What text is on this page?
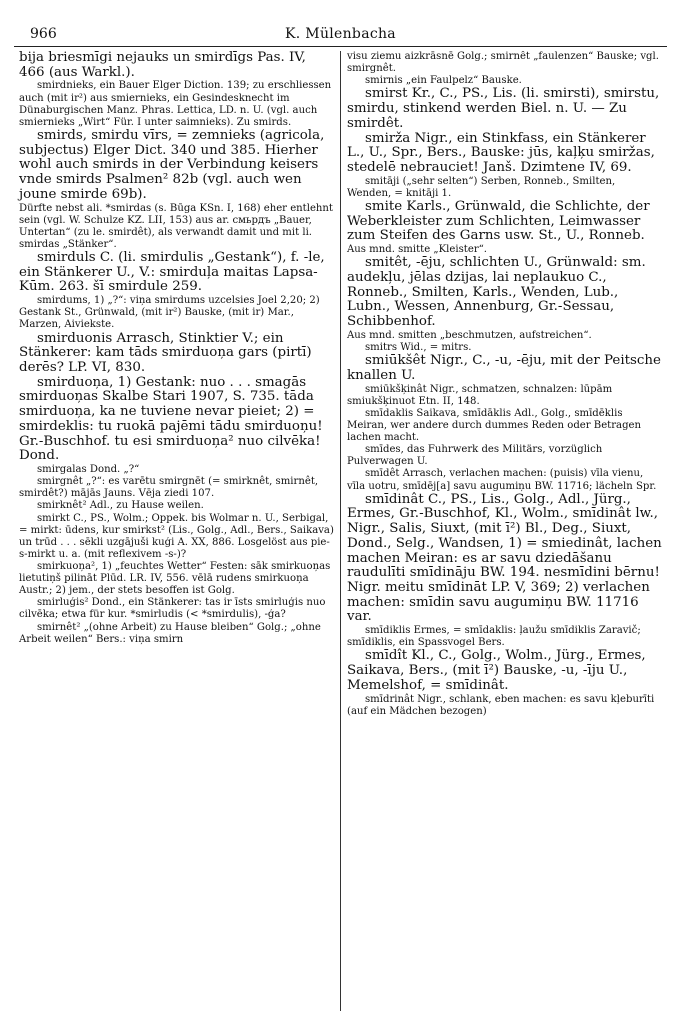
966	K. Mülenbacha

bija briesmīgi nejauks un smirdīgs Pas. IV, 466 (aus Warkl.).

smirdnieks, ein Bauer Elger Diction. 139; zu erschliessen auch (mit ir²) aus smiernieks, ein Gesindesknecht im Dünaburgischen Manz. Phras. Lettica, LD. n. U. (vgl. auch smiernieks „Wirt“ Für. I unter saimnieks). Zu smirds.

smirds, smirdu vīrs, = zemnieks (agricola, subjectus) Elger Dict. 340 und 385. Hierher wohl auch smirds in der Verbindung keisers vnde smirds Psalmen² 82b (vgl. auch wen joune smirde 69b).

Dürfte nebst ali. *smirdas (s. Būga KSn. I, 168) eher entlehnt sein (vgl. W. Schulze KZ. LII, 153) aus ar. смьрдъ „Bauer, Untertan“ (zu le. smirdêt), als verwandt damit und mit li. smirdas „Stänker“.

smirduls C. (li. smirdulis „Gestank“), f. -le, ein Stänkerer U., V.: smirduļa maitas Lapsa-Kūm. 263. šī smirdule 259.

smirdums, 1) „?“: viņa smirdums uzcelsies Joel 2,20; 2) Gestank St., Grünwald, (mit ir²) Bauske, (mit ir) Mar., Marzen, Aiviekste.

smirduonis Arrasch, Stinktier V.; ein Stänkerer: kam tāds smirduoņa gars (pirtī) derēs? LP. VI, 830.

smirduoņa, 1) Gestank: nuo . . . smagās smirduoņas Skalbe Stari 1907, S. 735. tāda smirduoņa, ka ne tuviene nevar pieiet; 2) = smirdeklis: tu ruokā pajēmi tādu smirduoņu! Gr.-Buschhof. tu esi smirduoņa² nuo cilvēka! Dond.

smirgalas Dond. „?“

smirgnêt „?“: es varētu smirgnēt (= smirknêt, smirnêt, smirdêt?) mājās Jauns. Vēja ziedi 107.

smirknêt² Adl., zu Hause weilen.

smirkt C., PS., Wolm.; Oppek. bis Wolmar n. U., Serbigal, = mirkt: ūdens, kur smirkst² (Lis., Golg., Adl., Bers., Saikava) un trūd . . . sēkli uzgājuši kuģi A. XX, 886. Losgelöst aus pie-s-mirkt u. a. (mit reflexivem -s-)?

smirkuoņa², 1) „feuchtes Wetter“ Festen: sāk smirkuoņas lietutiņš pilināt Plūd. LR. IV, 556. vēlā rudens smirkuoņa Austr.; 2) jem., der stets besoffen ist Golg.

smirluģis² Dond., ein Stänkerer: tas ir īsts smirluģis nuo cilvēka; etwa für kur. *smirludis (< *smirdulis), -ģa?

smirnêt² „(ohne Arbeit) zu Hause bleiben“ Golg.; „ohne Arbeit weilen“ Bers.: viņa smirn

visu ziemu aizkrāsnē Golg.; smirnêt „faulenzen“ Bauske; vgl. smirgnêt.

smirnis „ein Faulpelz“ Bauske.

smirst Kr., C., PS., Lis. (li. smirsti), smirstu, smirdu, stinkend werden Biel. n. U. — Zu smirdêt.

smirža Nigr., ein Stinkfass, ein Stänkerer L., U., Spr., Bers., Bauske: jūs, kaļķu smiržas, stedelē nebrauciet! Janš. Dzimtene IV, 69.

smitāji („sehr selten“) Serben, Ronneb., Smilten, Wenden, = knitāji 1.

smite Karls., Grünwald, die Schlichte, der Weberkleister zum Schlichten, Leimwasser zum Steifen des Garns usw. St., U., Ronneb.

Aus mnd. smitte „Kleister“.

smitêt, -ēju, schlichten U., Grünwald: sm. audekļu, jēlas dzijas, lai neplaukuo C., Ronneb., Smilten, Karls., Wenden, Lub., Lubn., Wessen, Annenburg, Gr.-Sessau, Schibbenhof.

Aus mnd. smitten „beschmutzen, aufstreichen“.

smitrs Wid., = mitrs.

smiūkšêt Nigr., C., -u, -ēju, mit der Peitsche knallen U.

smiūkšķinât Nigr., schmatzen, schnalzen: lūpām smiukšķinuot Etn. II, 148.

smīdaklis Saikava, smīdāklis Adl., Golg., smīdēklis Meiran, wer andere durch dummes Reden oder Betragen lachen macht.

smīdes, das Fuhrwerk des Militärs, vorzüglich Pulverwagen U.

smīdêt Arrasch, verlachen machen: (puisis) vīla vienu, vīla uotru, smīdēj[a] savu augumiņu BW. 11716; lächeln Spr.

smīdinât C., PS., Lis., Golg., Adl., Jürg., Ermes, Gr.-Buschhof, Kl., Wolm., smīdinât lw., Nigr., Salis, Siuxt, (mit ī²) Bl., Deg., Siuxt, Dond., Selg., Wandsen, 1) = smiedinât, lachen machen Meiran: es ar savu dziedāšanu raudulīti smīdināju BW. 194. nesmīdini bērnu! Nigr. meitu smīdināt LP. V, 369; 2) verlachen machen: smīdin savu augumiņu BW. 11716 var.

smīdiklis Ermes, = smīdaklis: ļaužu smīdiklis Zaravič; smīdiklis, ein Spassvogel Bers.

smīdît Kl., C., Golg., Wolm., Jürg., Ermes, Saikava, Bers., (mit ī²) Bauske, -u, -īju U., Memelshof, = smīdinât.

smīdrinât Nigr., schlank, eben machen: es savu kļeburīti (auf ein Mädchen bezogen)
